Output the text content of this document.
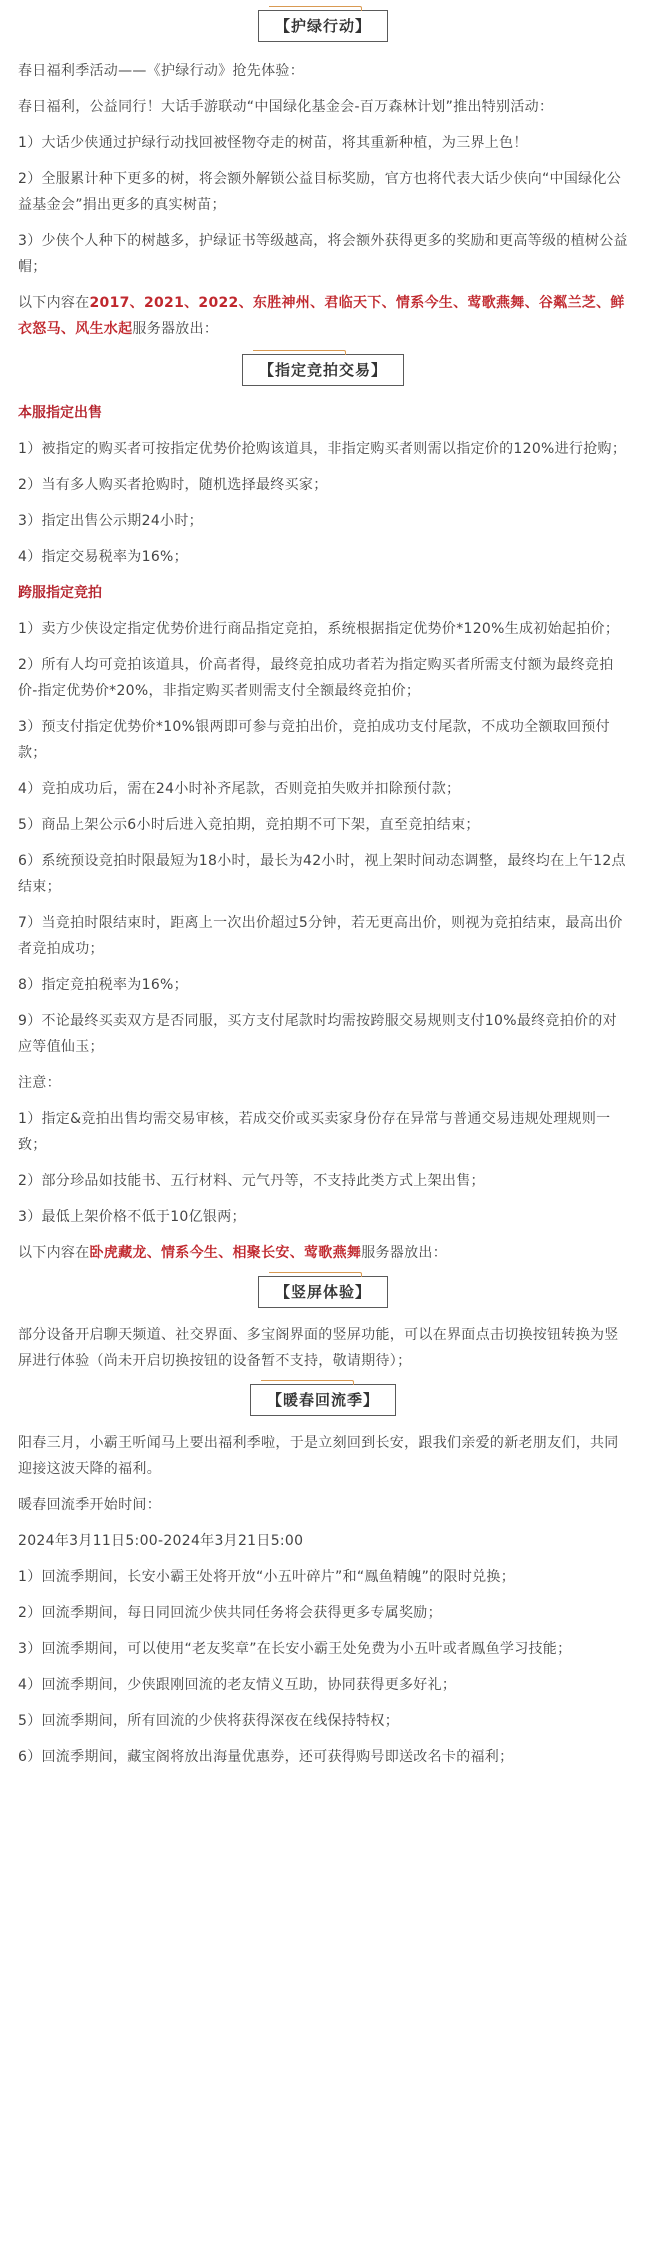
【护绿行动】

春日福利季活动——《护绿行动》抢先体验：

春日福利，公益同行！大话手游联动“中国绿化基金会-百万森林计划”推出特别活动：

1）大话少侠通过护绿行动找回被怪物夺走的树苗，将其重新种植，为三界上色！

2）全服累计种下更多的树，将会额外解锁公益目标奖励，官方也将代表大话少侠向“中国绿化公益基金会”捐出更多的真实树苗；

3）少侠个人种下的树越多，护绿证书等级越高，将会额外获得更多的奖励和更高等级的植树公益帽；

以下内容在2017、2021、2022、东胜神州、君临天下、情系今生、莺歌燕舞、谷粼兰芝、鲜衣怒马、风生水起服务器放出：

【指定竞拍交易】

本服指定出售

1）被指定的购买者可按指定优势价抢购该道具，非指定购买者则需以指定价的120%进行抢购；

2）当有多人购买者抢购时，随机选择最终买家；

3）指定出售公示期24小时；

4）指定交易税率为16%；

跨服指定竞拍

1）卖方少侠设定指定优势价进行商品指定竞拍，系统根据指定优势价*120%生成初始起拍价；

2）所有人均可竞拍该道具，价高者得，最终竞拍成功者若为指定购买者所需支付额为最终竞拍价-指定优势价*20%，非指定购买者则需支付全额最终竞拍价；

3）预支付指定优势价*10%银两即可参与竞拍出价，竞拍成功支付尾款，不成功全额取回预付款；

4）竞拍成功后，需在24小时补齐尾款，否则竞拍失败并扣除预付款；

5）商品上架公示6小时后进入竞拍期，竞拍期不可下架，直至竞拍结束；

6）系统预设竞拍时限最短为18小时，最长为42小时，视上架时间动态调整，最终均在上午12点结束；

7）当竞拍时限结束时，距离上一次出价超过5分钟，若无更高出价，则视为竞拍结束，最高出价者竞拍成功；

8）指定竞拍税率为16%；

9）不论最终买卖双方是否同服，买方支付尾款时均需按跨服交易规则支付10%最终竞拍价的对应等值仙玉；

注意：

1）指定&竞拍出售均需交易审核，若成交价或买卖家身份存在异常与普通交易违规处理规则一致；

2）部分珍品如技能书、五行材料、元气丹等，不支持此类方式上架出售；

3）最低上架价格不低于10亿银两；

以下内容在卧虎藏龙、情系今生、相聚长安、莺歌燕舞服务器放出：

【竖屏体验】

部分设备开启聊天频道、社交界面、多宝阁界面的竖屏功能，可以在界面点击切换按钮转换为竖屏进行体验（尚未开启切换按钮的设备暂不支持，敬请期待）；

【暖春回流季】

阳春三月，小霸王听闻马上要出福利季啦，于是立刻回到长安，跟我们亲爱的新老朋友们，共同迎接这波天降的福利。

暖春回流季开始时间：

2024年3月11日5:00-2024年3月21日5:00

1）回流季期间，长安小霸王处将开放“小五叶碎片”和“鳯鱼精魄”的限时兑换；

2）回流季期间，每日同回流少侠共同任务将会获得更多专属奖励；

3）回流季期间，可以使用“老友奖章”在长安小霸王处免费为小五叶或者鳯鱼学习技能；

4）回流季期间，少侠跟刚回流的老友情义互助，协同获得更多好礼；

5）回流季期间，所有回流的少侠将获得深夜在线保持特权；

6）回流季期间，藏宝阁将放出海量优惠券，还可获得购号即送改名卡的福利；
